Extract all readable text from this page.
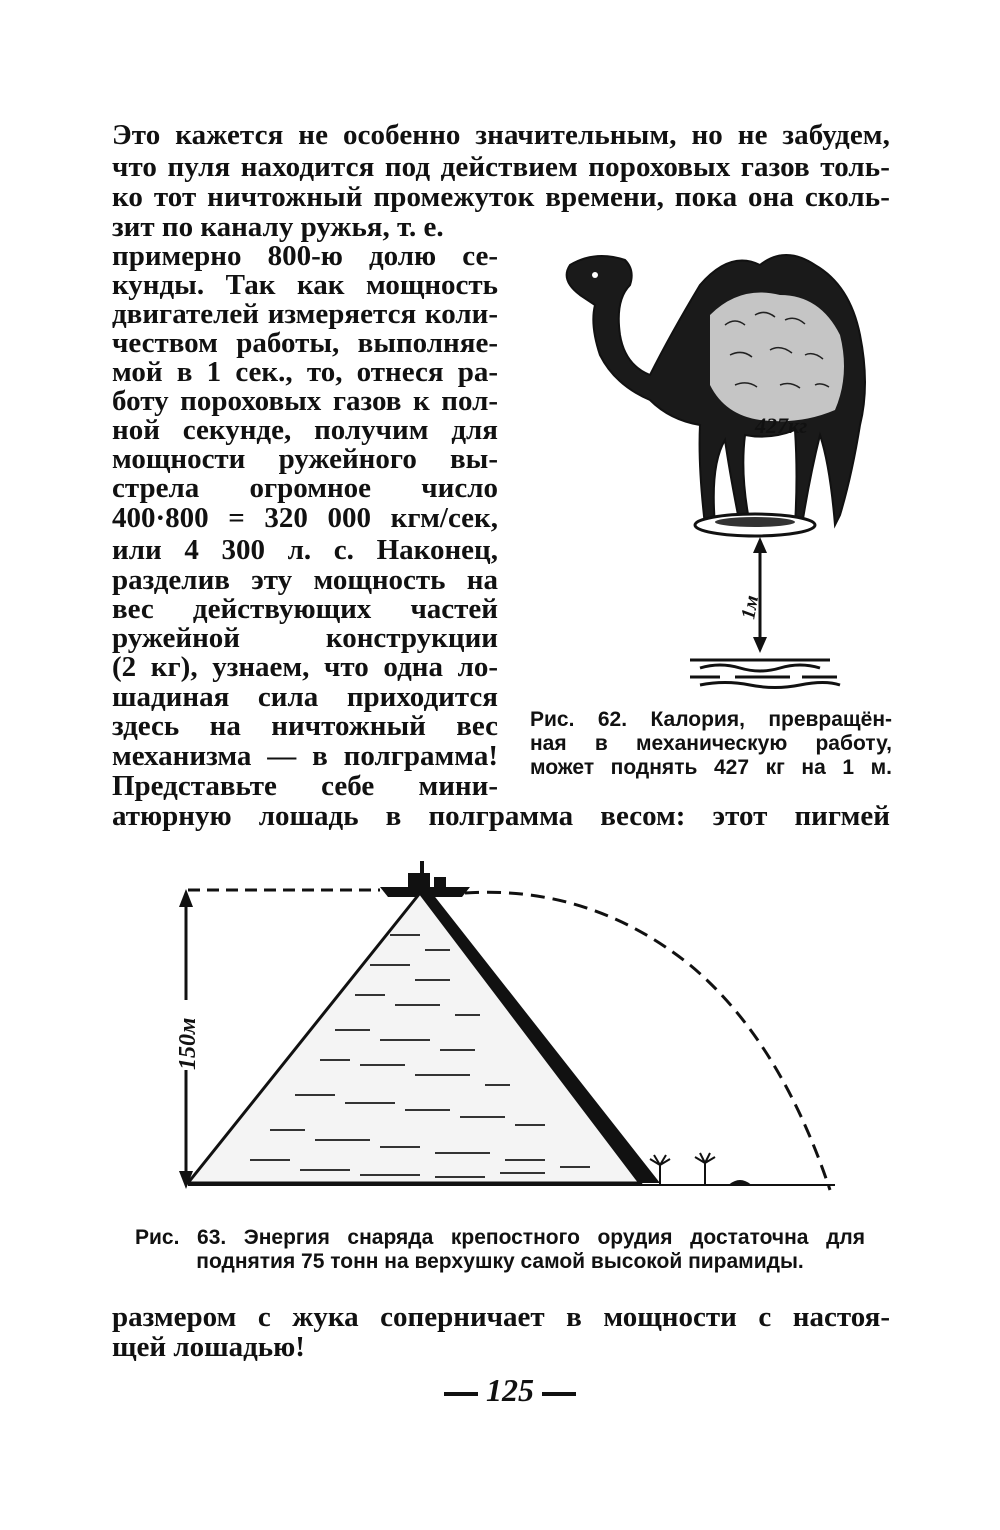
Это кажется не особенно значительным, но не забудем,
что пуля находится под действием пороховых газов толь-
ко тот ничтожный промежуток времени, пока она сколь-
зит по каналу ружья, т. е.
примерно 800-ю долю се-
кунды. Так как мощность
двигателей измеряется коли-
чеством работы, выполняе-
мой в 1 сек., то, отнеся ра-
боту пороховых газов к пол-
ной секунде, получим для
мощности ружейного вы-
стрела огромное число
400·800 = 320 000 кгм/сек,
или 4 300 л. с. Наконец,
разделив эту мощность на
вес действующих частей
ружейной конструкции
(2 кг), узнаем, что одна ло-
шадиная сила приходится
здесь на ничтожный вес
механизма — в полграмма!
Представьте себе мини-
атюрную лошадь в полграмма весом: этот пигмей
427кг
1м
Рис. 62. Калория, превращён-
ная в механическую работу,
может поднять 427 кг на 1 м.
150м
Рис. 63. Энергия снаряда крепостного орудия достаточна для
поднятия 75 тонн на верхушку самой высокой пирамиды.
размером с жука соперничает в мощности с настоя-
щей лошадью!
125
